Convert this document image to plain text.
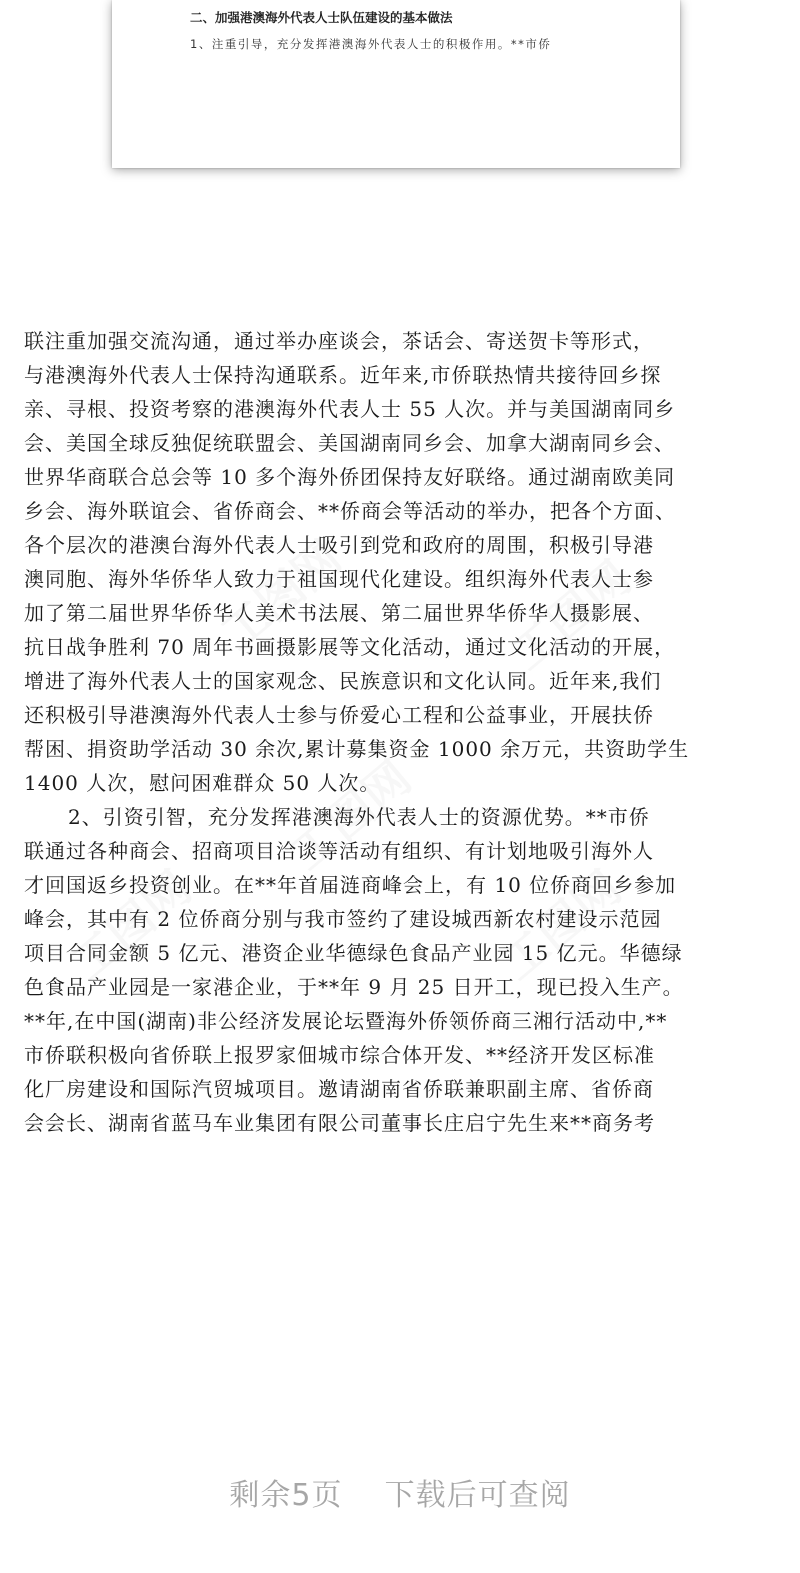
二、加强港澳海外代表人士队伍建设的基本做法
1、注重引导，充分发挥港澳海外代表人士的积极作用。**市侨
工图网	工图网
工图网
工图网	工图网
联注重加强交流沟通，通过举办座谈会，茶话会、寄送贺卡等形式，
与港澳海外代表人士保持沟通联系。近年来,市侨联热情共接待回乡探
亲、寻根、投资考察的港澳海外代表人士 55 人次。并与美国湖南同乡
会、美国全球反独促统联盟会、美国湖南同乡会、加拿大湖南同乡会、
世界华商联合总会等 10 多个海外侨团保持友好联络。通过湖南欧美同
乡会、海外联谊会、省侨商会、**侨商会等活动的举办，把各个方面、
各个层次的港澳台海外代表人士吸引到党和政府的周围，积极引导港
澳同胞、海外华侨华人致力于祖国现代化建设。组织海外代表人士参
加了第二届世界华侨华人美术书法展、第二届世界华侨华人摄影展、
抗日战争胜利 70 周年书画摄影展等文化活动，通过文化活动的开展，
增进了海外代表人士的国家观念、民族意识和文化认同。近年来,我们
还积极引导港澳海外代表人士参与侨爱心工程和公益事业，开展扶侨
帮困、捐资助学活动 30 余次,累计募集资金 1000 余万元，共资助学生
1400 人次，慰问困难群众 50 人次。
2、引资引智，充分发挥港澳海外代表人士的资源优势。**市侨
联通过各种商会、招商项目洽谈等活动有组织、有计划地吸引海外人
才回国返乡投资创业。在**年首届涟商峰会上，有 10 位侨商回乡参加
峰会，其中有 2 位侨商分别与我市签约了建设城西新农村建设示范园
项目合同金额 5 亿元、港资企业华德绿色食品产业园 15 亿元。华德绿
色食品产业园是一家港企业，于**年 9 月 25 日开工，现已投入生产。
**年,在中国(湖南)非公经济发展论坛暨海外侨领侨商三湘行活动中,**
市侨联积极向省侨联上报罗家佃城市综合体开发、**经济开发区标准
化厂房建设和国际汽贸城项目。邀请湖南省侨联兼职副主席、省侨商
会会长、湖南省蓝马车业集团有限公司董事长庄启宁先生来**商务考
剩余5页 下载后可查阅
